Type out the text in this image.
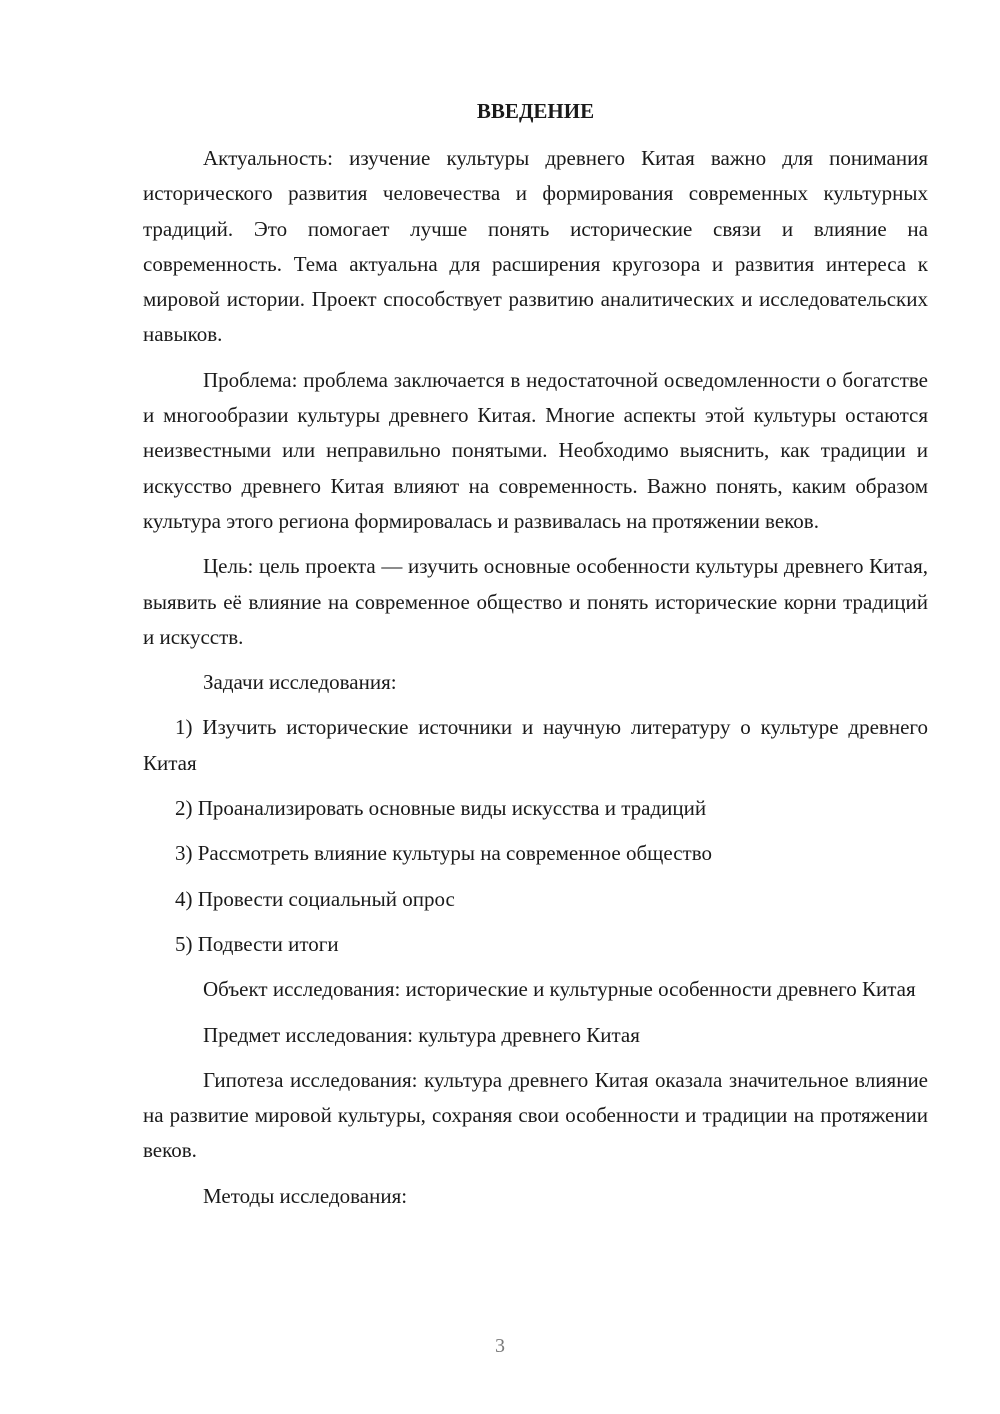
ВВЕДЕНИЕ

Актуальность: изучение культуры древнего Китая важно для понимания исторического развития человечества и формирования современных культурных традиций. Это помогает лучше понять исторические связи и влияние на современность. Тема актуальна для расширения кругозора и развития интереса к мировой истории. Проект способствует развитию аналитических и исследовательских навыков.

Проблема: проблема заключается в недостаточной осведомленности о богатстве и многообразии культуры древнего Китая. Многие аспекты этой культуры остаются неизвестными или неправильно понятыми. Необходимо выяснить, как традиции и искусство древнего Китая влияют на современность. Важно понять, каким образом культура этого региона формировалась и развивалась на протяжении веков.

Цель: цель проекта — изучить основные особенности культуры древнего Китая, выявить её влияние на современное общество и понять исторические корни традиций и искусств.

Задачи исследования:

1) Изучить исторические источники и научную литературу о культуре древнего Китая

2) Проанализировать основные виды искусства и традиций

3) Рассмотреть влияние культуры на современное общество

4) Провести социальный опрос

5) Подвести итоги

Объект исследования: исторические и культурные особенности древнего Китая

Предмет исследования: культура древнего Китая

Гипотеза исследования: культура древнего Китая оказала значительное влияние на развитие мировой культуры, сохраняя свои особенности и традиции на протяжении веков.

Методы исследования:

3
